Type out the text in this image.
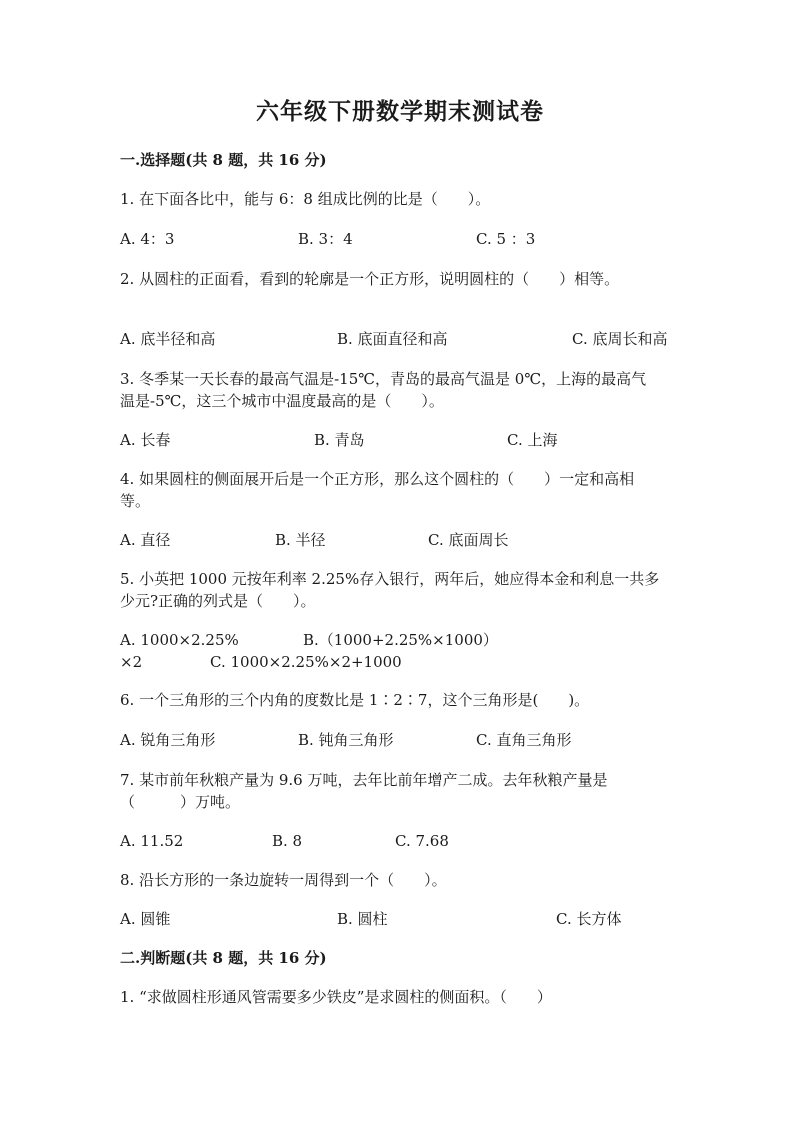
六年级下册数学期末测试卷
一.选择题(共 8 题，共 16 分)
1. 在下面各比中，能与 6：8 组成比例的比是（　　）。
A. 4：3	B. 3：4	C. 5 ：3
2. 从圆柱的正面看，看到的轮廓是一个正方形，说明圆柱的（　　）相等。
A. 底半径和高	B. 底面直径和高	C. 底周长和高
3. 冬季某一天长春的最高气温是-15℃，青岛的最高气温是 0℃，上海的最高气
温是-5℃，这三个城市中温度最高的是（　　）。
A. 长春	B. 青岛	C. 上海
4. 如果圆柱的侧面展开后是一个正方形，那么这个圆柱的（　　）一定和高相
等。
A. 直径	B. 半径	C. 底面周长
5. 小英把 1000 元按年利率 2.25%存入银行，两年后，她应得本金和利息一共多
少元?正确的列式是（　　）。
A. 1000×2.25%	B.（1000+2.25%×1000）
×2	C. 1000×2.25%×2+1000
6. 一个三角形的三个内角的度数比是 1∶2∶7，这个三角形是(　　)。
A. 锐角三角形	B. 钝角三角形	C. 直角三角形
7. 某市前年秋粮产量为 9.6 万吨，去年比前年增产二成。去年秋粮产量是
（　　　）万吨。
A. 11.52	B. 8	C. 7.68
8. 沿长方形的一条边旋转一周得到一个（　　）。
A. 圆锥	B. 圆柱	C. 长方体
二.判断题(共 8 题，共 16 分)
1. “求做圆柱形通风管需要多少铁皮”是求圆柱的侧面积。（　　）
